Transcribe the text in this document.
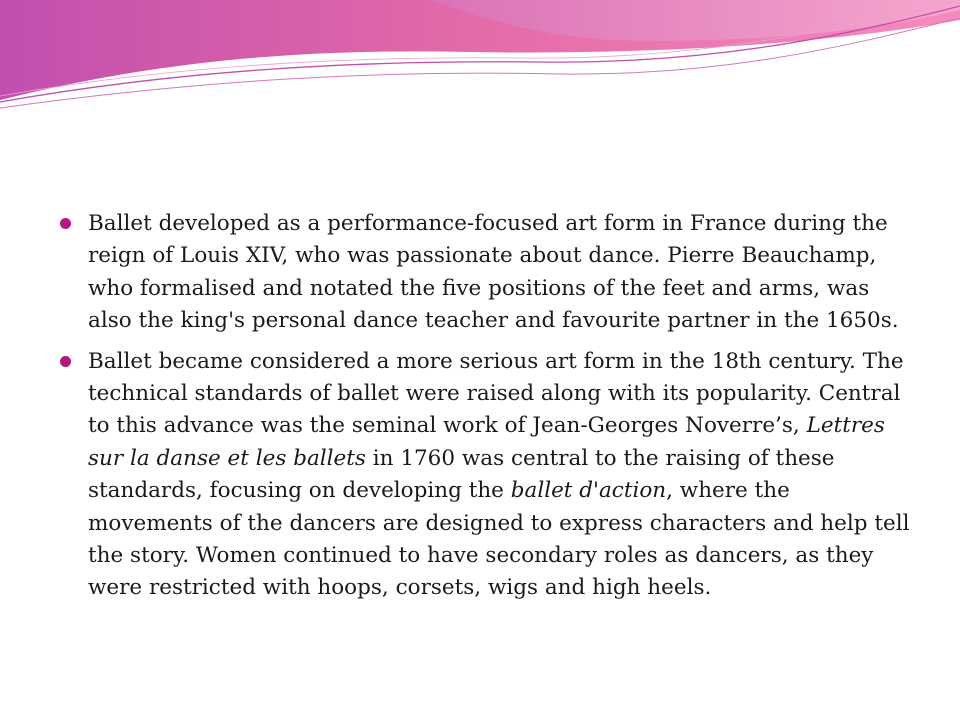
Ballet developed as a performance-focused art form in France during the reign of Louis XIV, who was passionate about dance. Pierre Beauchamp, who formalised and notated the five positions of the feet and arms, was also the king's personal dance teacher and favourite partner in the 1650s.
Ballet became considered a more serious art form in the 18th century. The technical standards of ballet were raised along with its popularity. Central to this advance was the seminal work of Jean-Georges Noverre’s, Lettres sur la danse et les ballets in 1760 was central to the raising of these standards, focusing on developing the ballet d'action, where the movements of the dancers are designed to express characters and help tell the story. Women continued to have secondary roles as dancers, as they were restricted with hoops, corsets, wigs and high heels.
